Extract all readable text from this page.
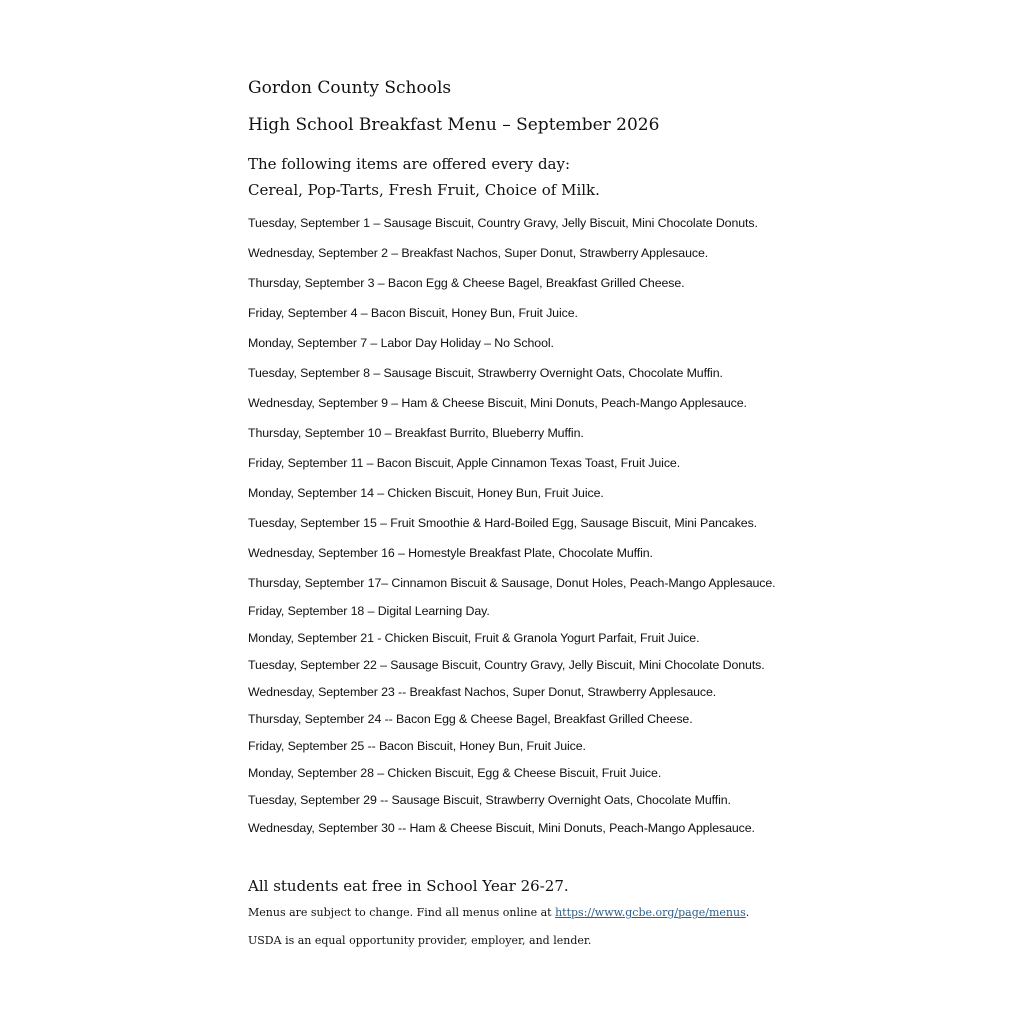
Gordon County Schools
High School Breakfast Menu – September 2026
The following items are offered every day:
Cereal, Pop-Tarts, Fresh Fruit, Choice of Milk.
Tuesday, September 1 – Sausage Biscuit, Country Gravy, Jelly Biscuit, Mini Chocolate Donuts.
Wednesday, September 2 – Breakfast Nachos, Super Donut, Strawberry Applesauce.
Thursday, September 3 – Bacon Egg & Cheese Bagel, Breakfast Grilled Cheese.
Friday, September 4 – Bacon Biscuit, Honey Bun, Fruit Juice.
Monday, September 7 – Labor Day Holiday – No School.
Tuesday, September 8 – Sausage Biscuit, Strawberry Overnight Oats, Chocolate Muffin.
Wednesday, September 9 – Ham & Cheese Biscuit, Mini Donuts, Peach-Mango Applesauce.
Thursday, September 10 – Breakfast Burrito, Blueberry Muffin.
Friday, September 11 – Bacon Biscuit, Apple Cinnamon Texas Toast, Fruit Juice.
Monday, September 14 – Chicken Biscuit, Honey Bun, Fruit Juice.
Tuesday, September 15 – Fruit Smoothie & Hard-Boiled Egg, Sausage Biscuit, Mini Pancakes.
Wednesday, September 16 – Homestyle Breakfast Plate, Chocolate Muffin.
Thursday, September 17– Cinnamon Biscuit & Sausage, Donut Holes, Peach-Mango Applesauce.
Friday, September 18 – Digital Learning Day.
Monday, September 21 - Chicken Biscuit, Fruit & Granola Yogurt Parfait, Fruit Juice.
Tuesday, September 22 – Sausage Biscuit, Country Gravy, Jelly Biscuit, Mini Chocolate Donuts.
Wednesday, September 23 -- Breakfast Nachos, Super Donut, Strawberry Applesauce.
Thursday, September 24 -- Bacon Egg & Cheese Bagel, Breakfast Grilled Cheese.
Friday, September 25 -- Bacon Biscuit, Honey Bun, Fruit Juice.
Monday, September 28 – Chicken Biscuit, Egg & Cheese Biscuit, Fruit Juice.
Tuesday, September 29 -- Sausage Biscuit, Strawberry Overnight Oats, Chocolate Muffin.
Wednesday, September 30 -- Ham & Cheese Biscuit, Mini Donuts, Peach-Mango Applesauce.
All students eat free in School Year 26-27.
Menus are subject to change. Find all menus online at https://www.gcbe.org/page/menus.
USDA is an equal opportunity provider, employer, and lender.
